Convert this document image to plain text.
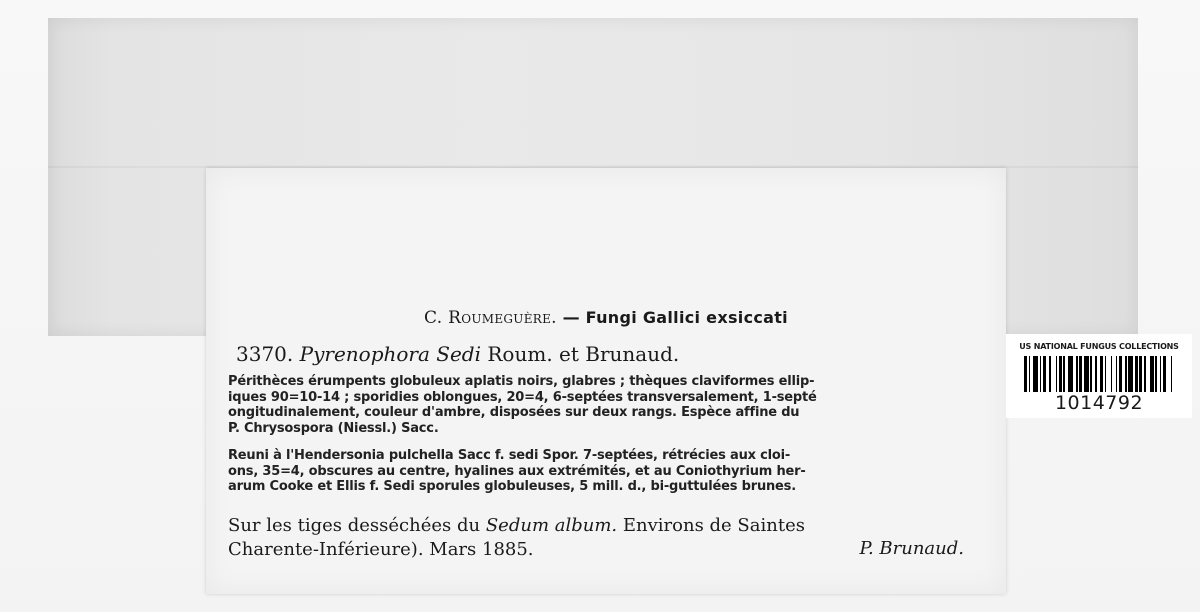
C. Roumeguère. — Fungi Gallici exsiccati
3370. Pyrenophora Sedi Roum. et Brunaud.
Périthèces érumpents globuleux aplatis noirs, glabres ; thèques claviformes ellip-
iques 90=10-14 ; sporidies oblongues, 20=4, 6-septées transversalement, 1-septé
ongitudinalement, couleur d'ambre, disposées sur deux rangs. Espèce affine du
P. Chrysospora (Niessl.) Sacc.
Reuni à l'Hendersonia pulchella Sacc f. sedi Spor. 7-septées, rétrécies aux cloi-
ons, 35=4, obscures au centre, hyalines aux extrémités, et au Coniothyrium her-
arum Cooke et Ellis f. Sedi sporules globuleuses, 5 mill. d., bi-guttulées brunes.
Sur les tiges desséchées du Sedum album. Environs de Saintes
Charente-Inférieure). Mars 1885.	P. Brunaud.
US NATIONAL FUNGUS COLLECTIONS
1014792
